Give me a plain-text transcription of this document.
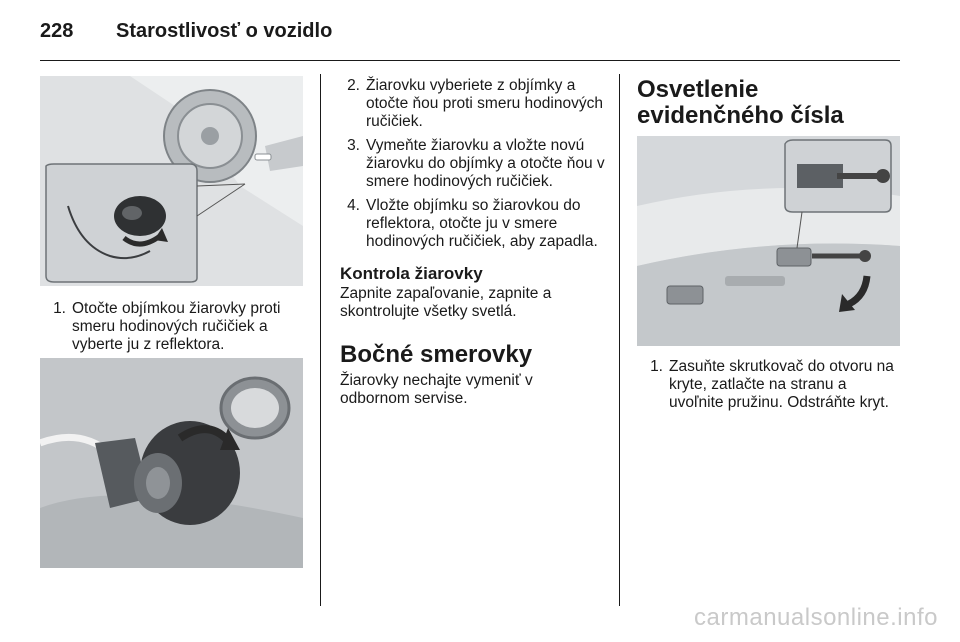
228 Starostlivosť o vozidlo
1. Otočte objímkou žiarovky proti smeru hodinových ručičiek a vyberte ju z reflektora.
2. Žiarovku vyberiete z objímky a otočte ňou proti smeru hodinových ručičiek.
3. Vymeňte žiarovku a vložte novú žiarovku do objímky a otočte ňou v smere hodinových ručičiek.
4. Vložte objímku so žiarovkou do reflektora, otočte ju v smere hodinových ručičiek, aby zapadla.
Kontrola žiarovky
Zapnite zapaľovanie, zapnite a skontrolujte všetky svetlá.
Bočné smerovky
Žiarovky nechajte vymeniť v odbornom servise.
Osvetlenie evidenčného čísla
1. Zasuňte skrutkovač do otvoru na kryte, zatlačte na stranu a uvoľnite pružinu. Odstráňte kryt.
carmanualsonline.info
